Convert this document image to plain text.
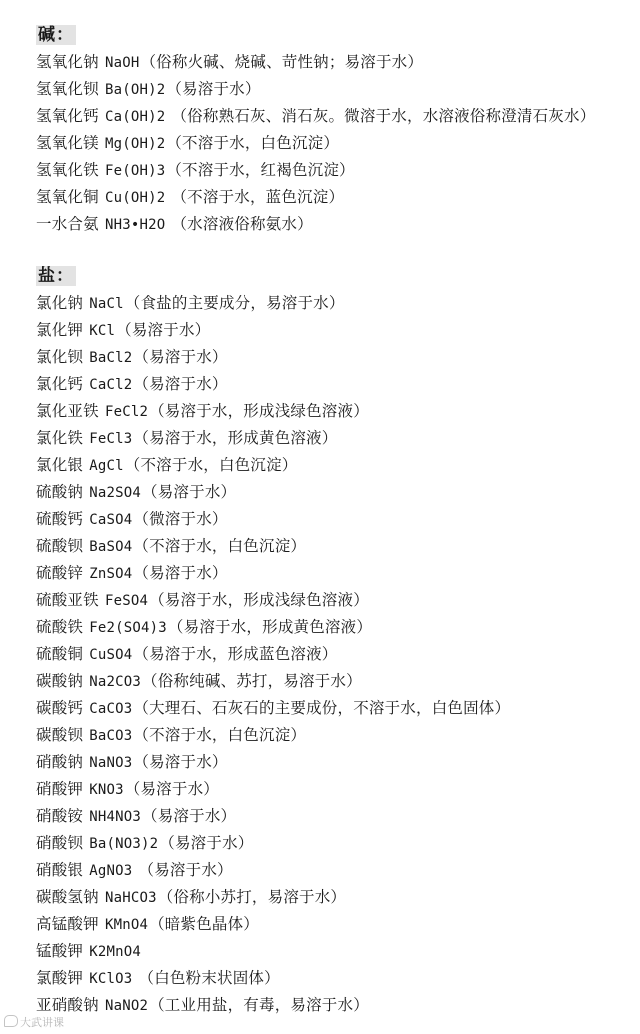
碱：
氢氧化钠 NaOH（俗称火碱、烧碱、苛性钠；易溶于水）
氢氧化钡 Ba(OH)2（易溶于水）
氢氧化钙 Ca(OH)2 （俗称熟石灰、消石灰。微溶于水，水溶液俗称澄清石灰水）
氢氧化镁 Mg(OH)2（不溶于水，白色沉淀）
氢氧化铁 Fe(OH)3（不溶于水，红褐色沉淀）
氢氧化铜 Cu(OH)2 （不溶于水，蓝色沉淀）
一水合氨 NH3•H2O （水溶液俗称氨水）
盐：
氯化钠 NaCl（食盐的主要成分，易溶于水）
氯化钾 KCl（易溶于水）
氯化钡 BaCl2（易溶于水）
氯化钙 CaCl2（易溶于水）
氯化亚铁 FeCl2（易溶于水，形成浅绿色溶液）
氯化铁 FeCl3（易溶于水，形成黄色溶液）
氯化银 AgCl（不溶于水，白色沉淀）
硫酸钠 Na2SO4（易溶于水）
硫酸钙 CaSO4（微溶于水）
硫酸钡 BaSO4（不溶于水，白色沉淀）
硫酸锌 ZnSO4（易溶于水）
硫酸亚铁 FeSO4（易溶于水，形成浅绿色溶液）
硫酸铁 Fe2(SO4)3（易溶于水，形成黄色溶液）
硫酸铜 CuSO4（易溶于水，形成蓝色溶液）
碳酸钠 Na2CO3（俗称纯碱、苏打，易溶于水）
碳酸钙 CaCO3（大理石、石灰石的主要成份，不溶于水，白色固体）
碳酸钡 BaCO3（不溶于水，白色沉淀）
硝酸钠 NaNO3（易溶于水）
硝酸钾 KNO3（易溶于水）
硝酸铵 NH4NO3（易溶于水）
硝酸钡 Ba(NO3)2（易溶于水）
硝酸银 AgNO3 （易溶于水）
碳酸氢钠 NaHCO3（俗称小苏打，易溶于水）
高锰酸钾 KMnO4（暗紫色晶体）
锰酸钾 K2MnO4
氯酸钾 KClO3 （白色粉末状固体）
亚硝酸钠 NaNO2（工业用盐，有毒，易溶于水）
大武讲课
